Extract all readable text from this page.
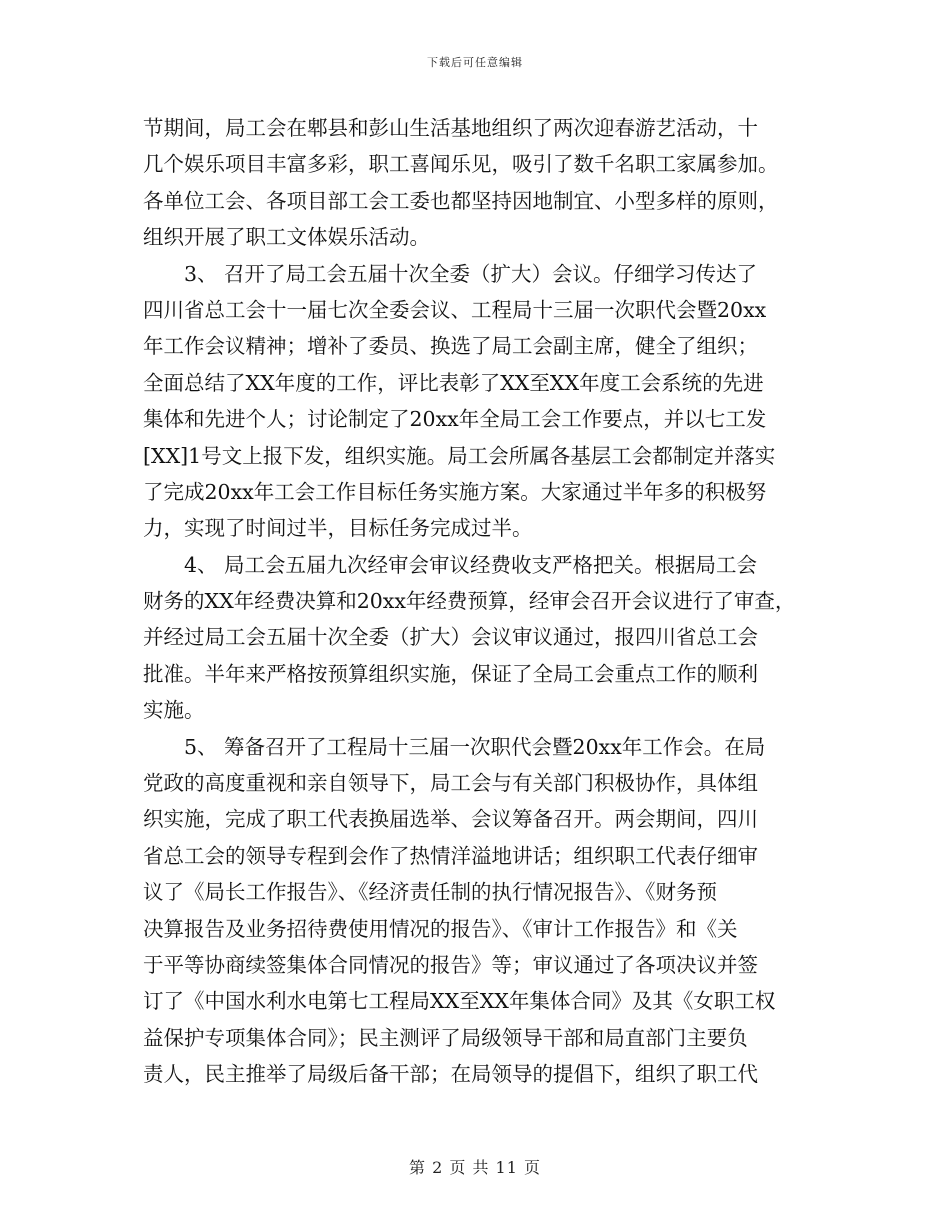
下载后可任意编辑
节期间，局工会在郫县和彭山生活基地组织了两次迎春游艺活动，十
几个娱乐项目丰富多彩，职工喜闻乐见，吸引了数千名职工家属参加。
各单位工会、各项目部工会工委也都坚持因地制宜、小型多样的原则，
组织开展了职工文体娱乐活动。
3、 召开了局工会五届十次全委（扩大）会议。仔细学习传达了
四川省总工会十一届七次全委会议、工程局十三届一次职代会暨20xx
年工作会议精神；增补了委员、换选了局工会副主席，健全了组织；
全面总结了XX年度的工作，评比表彰了XX至XX年度工会系统的先进
集体和先进个人；讨论制定了20xx年全局工会工作要点，并以七工发
[XX]1号文上报下发，组织实施。局工会所属各基层工会都制定并落实
了完成20xx年工会工作目标任务实施方案。大家通过半年多的积极努
力，实现了时间过半，目标任务完成过半。
4、 局工会五届九次经审会审议经费收支严格把关。根据局工会
财务的XX年经费决算和20xx年经费预算，经审会召开会议进行了审查，
并经过局工会五届十次全委（扩大）会议审议通过，报四川省总工会
批准。半年来严格按预算组织实施，保证了全局工会重点工作的顺利
实施。
5、 筹备召开了工程局十三届一次职代会暨20xx年工作会。在局
党政的高度重视和亲自领导下，局工会与有关部门积极协作，具体组
织实施，完成了职工代表换届选举、会议筹备召开。两会期间，四川
省总工会的领导专程到会作了热情洋溢地讲话；组织职工代表仔细审
议了《局长工作报告》、《经济责任制的执行情况报告》、《财务预
决算报告及业务招待费使用情况的报告》、《审计工作报告》和《关
于平等协商续签集体合同情况的报告》等；审议通过了各项决议并签
订了《中国水利水电第七工程局XX至XX年集体合同》及其《女职工权
益保护专项集体合同》；民主测评了局级领导干部和局直部门主要负
责人，民主推举了局级后备干部；在局领导的提倡下，组织了职工代
第 2 页 共 11 页
